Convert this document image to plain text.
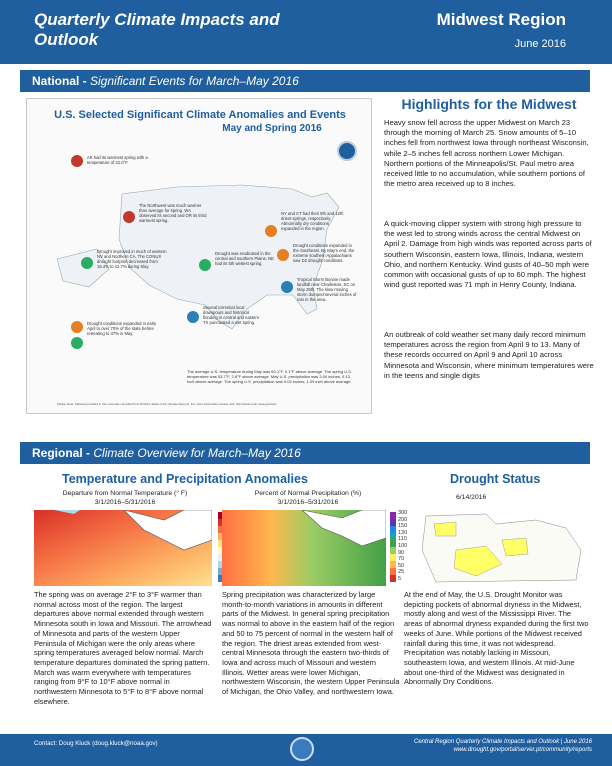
Quarterly Climate Impacts and Outlook
Midwest Region
June 2016
National - Significant Events for March–May 2016
U.S. Selected Significant Climate Anomalies and Events
May and Spring 2016
AK had its warmest spring with a temperature of 32.0°F.
The Northwest was much warmer than average for spring. WA observed its second and OR its third warmest spring.
Drought was eradicated in the central and southern Plains. NE had its 5th wettest spring.
NY and CT had their 9th and 12th driest springs, respectively. Abnormally dry conditions expanded in the region.
Drought improved in much of western NV and Northern CA. The CONUS drought footprint decreased from 15.4% to 12.7% during May.
Drought conditions expanded in the Southeast. By May's end, the extreme southern Appalachians saw D2 drought conditions.
Tropical Storm Bonnie made landfall near Charleston, SC on May 29th. The slow moving storm dumped several inches of rain in the area.
Several torrential local downpours and historical flooding in central and eastern TX punctuated a wet spring.
Drought conditions expanded in early April to over 70% of the state before retreating to 37% in May.
The average U.S. temperature during May was 60.1°F, 0.1°F above average. The spring U.S. temperature was 53.7°F, 2.8°F above average. May U.S. precipitation was 3.04 inches, 0.13 inch above average. The spring U.S. precipitation was 9.03 inches, 1.09 inch above average.
Please Note: Material provided in this map was compiled from NOAA's State of the Climate Reports. For more information please visit: http://www.ncdc.noaa.gov/sotc
Highlights for the Midwest
Heavy snow fell across the upper Midwest on March 23 through the morning of March 25. Snow amounts of 5–10 inches fell from northwest Iowa through northeast Wisconsin, while 2–5 inches fell across northern Lower Michigan. Northern portions of the Minneapolis/St. Paul metro area received little to no accumulation, while southern portions of the metro area received up to 8 inches.
A quick-moving clipper system with strong high pressure to the west led to strong winds across the central Midwest on April 2. Damage from high winds was reported across parts of southern Wisconsin, eastern Iowa, Illinois, Indiana, western Ohio, and northern Kentucky. Wind gusts of 40–50 mph were common with occasional gusts of up to 60 mph. The highest wind gust reported was 71 mph in Henry County, Indiana.
An outbreak of cold weather set many daily record minimum temperatures across the region from April 9 to 13. Many of these records occurred on April 9 and April 10 across Minnesota and Wisconsin, where minimum temperatures were in the teens and single digits
Regional - Climate Overview for March–May 2016
Temperature and Precipitation Anomalies	Drought Status
Departure from Normal Temperature (° F)
3/1/2016–5/31/2016
Percent of Normal Precipitation (%)
3/1/2016–5/31/2016
300
200
150
130
110
100
90
70
50
25
5
6/14/2016
The spring was on average 2°F to 3°F warmer than normal across most of the region. The largest departures above normal extended through western Minnesota south in Iowa and Missouri. The arrowhead of Minnesota and parts of the western Upper Peninsula of Michigan were the only areas where spring temperatures averaged below normal. March temperature departures dominated the spring pattern. March was warm everywhere with temperatures ranging from 9°F to 10°F above normal in northwestern Minnesota to 5°F to 8°F above normal elsewhere.
Spring precipitation was characterized by large month-to-month variations in amounts in different parts of the Midwest. In general spring precipitation was normal to above in the eastern half of the region and 50 to 75 percent of normal in the western half of the region. The driest areas extended from west-central Minnesota through the eastern two-thirds of Iowa and across much of Missouri and western Illinois. Wetter areas were lower Michigan, northwestern Wisconsin, the western Upper Peninsula of Michigan, the Ohio Valley, and northwestern Iowa.
At the end of May, the U.S. Drought Monitor was depicting pockets of abnormal dryness in the Midwest, mostly along and west of the Mississippi River. The areas of abnormal dryness expanded during the first two weeks of June. While portions of the Midwest received rainfall during this time, it was not widespread. Precipitation was notably lacking in Missouri, southeastern Iowa, and western Illinois. At mid-June about one-third of the Midwest was designated in Abnormally Dry Conditions.
Contact: Doug Kluck (doug.kluck@noaa.gov)	Central Region Quarterly Climate Impacts and Outlook | June 2016
www.drought.gov/portal/server.pt/community/reports
